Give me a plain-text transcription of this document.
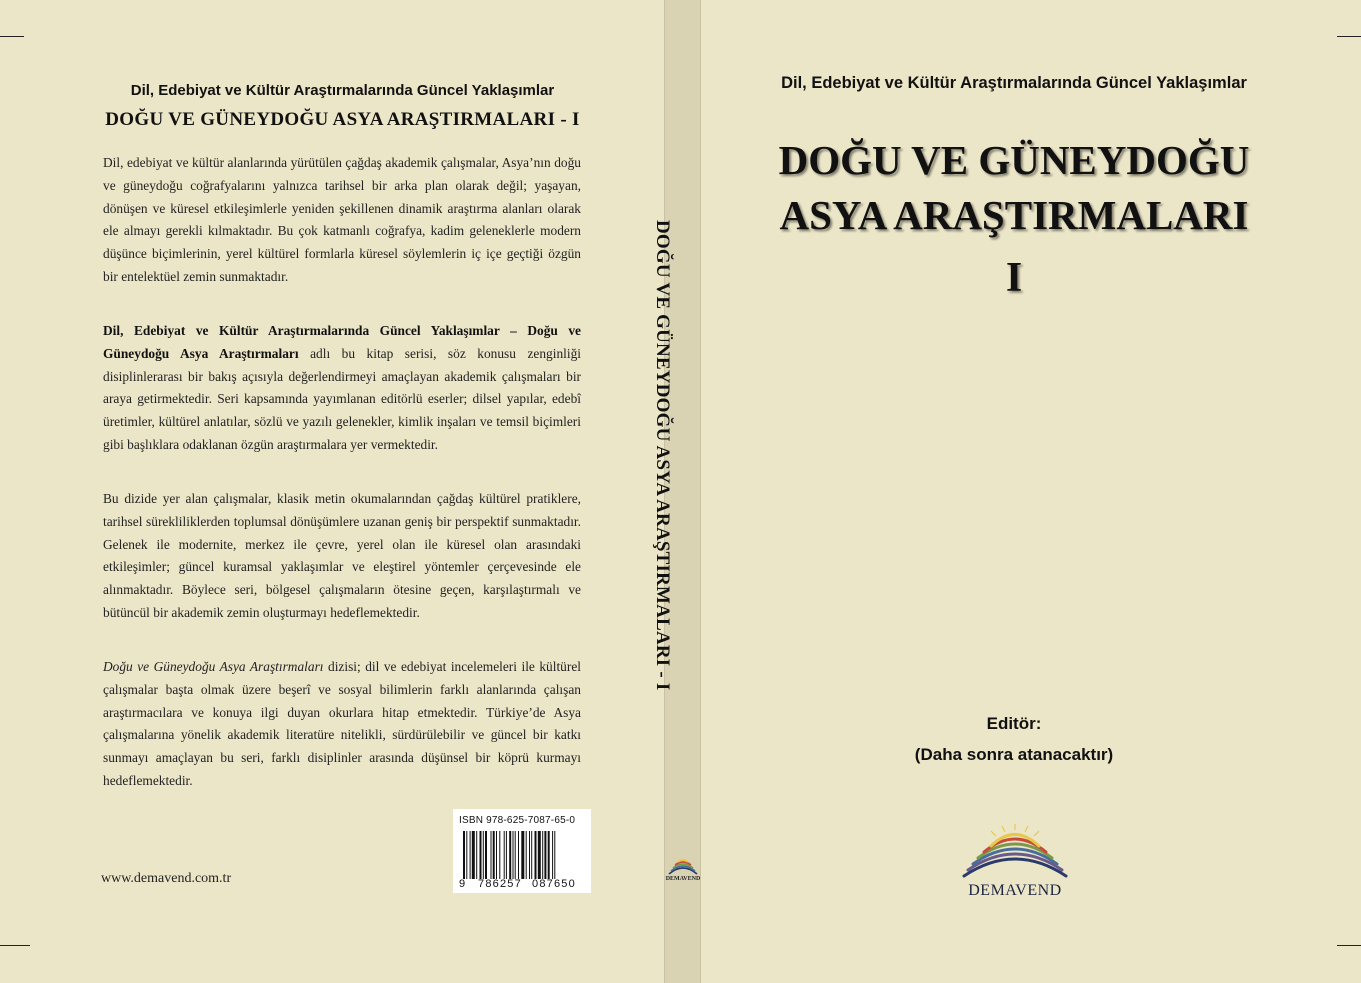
Dil, Edebiyat ve Kültür Araştırmalarında Güncel Yaklaşımlar
DOĞU VE GÜNEYDOĞU ASYA ARAŞTIRMALARI - I
Dil, edebiyat ve kültür alanlarında yürütülen çağdaş akademik çalışmalar, Asya’nın doğu ve güneydoğu coğrafyalarını yalnızca tarihsel bir arka plan olarak değil; yaşayan, dönüşen ve küresel etkileşimlerle yeniden şekillenen dinamik araştırma alanları olarak ele almayı gerekli kılmaktadır. Bu çok katmanlı coğrafya, kadim geleneklerle modern düşünce biçimlerinin, yerel kültürel formlarla küresel söylemlerin iç içe geçtiği özgün bir entelektüel zemin sunmaktadır.
Dil, Edebiyat ve Kültür Araştırmalarında Güncel Yaklaşımlar – Doğu ve Güneydoğu Asya Araştırmaları adlı bu kitap serisi, söz konusu zenginliği disiplinlerarası bir bakış açısıyla değerlendirmeyi amaçlayan akademik çalışmaları bir araya getirmektedir. Seri kapsamında yayımlanan editörlü eserler; dilsel yapılar, edebî üretimler, kültürel anlatılar, sözlü ve yazılı gelenekler, kimlik inşaları ve temsil biçimleri gibi başlıklara odaklanan özgün araştırmalara yer vermektedir.
Bu dizide yer alan çalışmalar, klasik metin okumalarından çağdaş kültürel pratiklere, tarihsel sürekliliklerden toplumsal dönüşümlere uzanan geniş bir perspektif sunmaktadır. Gelenek ile modernite, merkez ile çevre, yerel olan ile küresel olan arasındaki etkileşimler; güncel kuramsal yaklaşımlar ve eleştirel yöntemler çerçevesinde ele alınmaktadır. Böylece seri, bölgesel çalışmaların ötesine geçen, karşılaştırmalı ve bütüncül bir akademik zemin oluşturmayı hedeflemektedir.
Doğu ve Güneydoğu Asya Araştırmaları dizisi; dil ve edebiyat incelemeleri ile kültürel çalışmalar başta olmak üzere beşerî ve sosyal bilimlerin farklı alanlarında çalışan araştırmacılara ve konuya ilgi duyan okurlara hitap etmektedir. Türkiye’de Asya çalışmalarına yönelik akademik literatüre nitelikli, sürdürülebilir ve güncel bir katkı sunmayı amaçlayan bu seri, farklı disiplinler arasında düşünsel bir köprü kurmayı hedeflemektedir.
www.demavend.com.tr
ISBN 978-625-7087-65-0
9 786257 087650
DOĞU VE GÜNEYDOĞU ASYA ARAŞTIRMALARI - I
DEMAVEND
Dil, Edebiyat ve Kültür Araştırmalarında Güncel Yaklaşımlar
DOĞU VE GÜNEYDOĞU
ASYA ARAŞTIRMALARI
I
Editör:
(Daha sonra atanacaktır)
DEMAVEND
